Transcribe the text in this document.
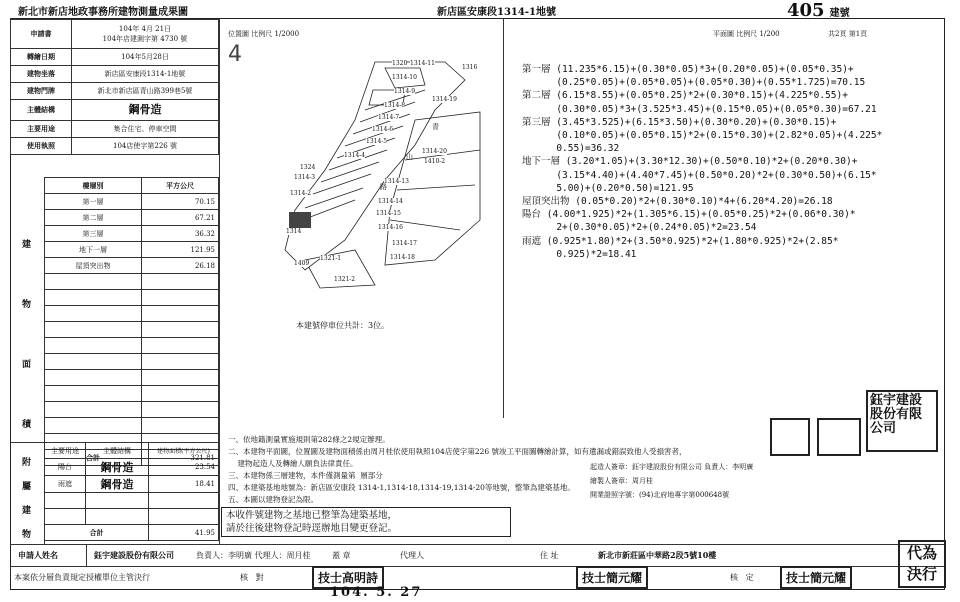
新北市新店地政事務所建物測量成果圖	新店區安康段1314-1地號	405 建號
申請書	104年 4月 21日
104年店建測字第 4730 號
轉繪日期	104年5月28日
建物坐落	新店區安康段1314-1地號
建物門牌	新北市新店區青山路399巷5號
主體結構	鋼骨造
主要用途	集合住宅、停車空間
使用執照	104店使字第226 號
建物面積
樓層別	平方公尺
第一層	70.15
第二層	67.21
第三層	36.32
地下一層	121.95
屋頂突出物	26.18

合計	321.81
附屬建物
主要用途	主體結構	建物面積(平方公尺)
陽台	鋼骨造	23.54
雨遮	鋼骨造	18.41

合計		41.95
位置圖 比例尺 1/2000
4	1320 1314-11
1316
1314-10
1314-9
1314-19
1314-8
1314-7
1314-6
1314-5
1314-20
1410-2
1314-4
1324
1314-3
1314-13
1314-2
1314-14
1314-15
1314
1314-16
1314-17
1314-18
1409
1321-1
1321-2
青
山
路
本建號停車位共計：3位。
平面圖 比例尺 1/200	共2頁 第1頁
第一層 (11.235*6.15)+(0.30*0.05)*3+(0.20*0.05)+(0.05*0.35)+
(0.25*0.05)+(0.05*0.05)+(0.05*0.30)+(0.55*1.725)=70.15
第二層 (6.15*8.55)+(0.05*0.25)*2+(0.30*0.15)+(4.225*0.55)+
(0.30*0.05)*3+(3.525*3.45)+(0.15*0.05)+(0.05*0.30)=67.21
第三層 (3.45*3.525)+(6.15*3.50)+(0.30*0.20)+(0.30*0.15)+
(0.10*0.05)+(0.05*0.15)*2+(0.15*0.30)+(2.82*0.05)+(4.225*
0.55)=36.32
地下一層 (3.20*1.05)+(3.30*12.30)+(0.50*0.10)*2+(0.20*0.30)+
(3.15*4.40)+(4.40*7.45)+(0.50*0.20)*2+(0.30*0.50)+(6.15*
5.00)+(0.20*0.50)=121.95
屋頂突出物 (0.05*0.20)*2+(0.30*0.10)*4+(6.20*4.20)=26.18
陽台 (4.00*1.925)*2+(1.305*6.15)+(0.05*0.25)*2+(0.06*0.30)*
2+(0.30*0.05)*2+(0.24*0.05)*2=23.54
雨遮 (0.925*1.80)*2+(3.50*0.925)*2+(1.80*0.925)*2+(2.85*
0.925)*2=18.41
鈺宇建設股份有限公司
一、依地籍測量實施規則第282條之2規定辦理。
二、本建物平面圖，位置圖及建物面積係由周月桂依使用執照104店使字第226 號竣工平面圖轉繪計算，如有遺漏或錯誤致他人受損害者，
建物起造人及轉繪人願負法律責任。
三、本建物係三層建物，本件僅測量第  層部分
四、本建築基地地號為：新店區安康段 1314-1,1314-18,1314-19,1314-20等地號，整筆為建築基地。
五、本圖以建物登記為限。
本收件號建物之基地已整筆為建築基地，
請於往後建物登記時逕辦地目變更登記。
起造人簽章：鈺宇建設股份有限公司 負責人：李明廣
繪製人簽章：周月桂
開業證照字號：(94)北府地專字第000648號
申請人姓名	鈺宇建設股份有限公司	負責人：李明廣 代理人：周月桂	蓋 章	代理人	住 址	新北市新莊區中華路2段5號10樓
本案依分層負責規定授權單位主管決行	核 對	技士高明詩	技士簡元耀	核 定	技士簡元耀
代為決行
104. 5. 27
